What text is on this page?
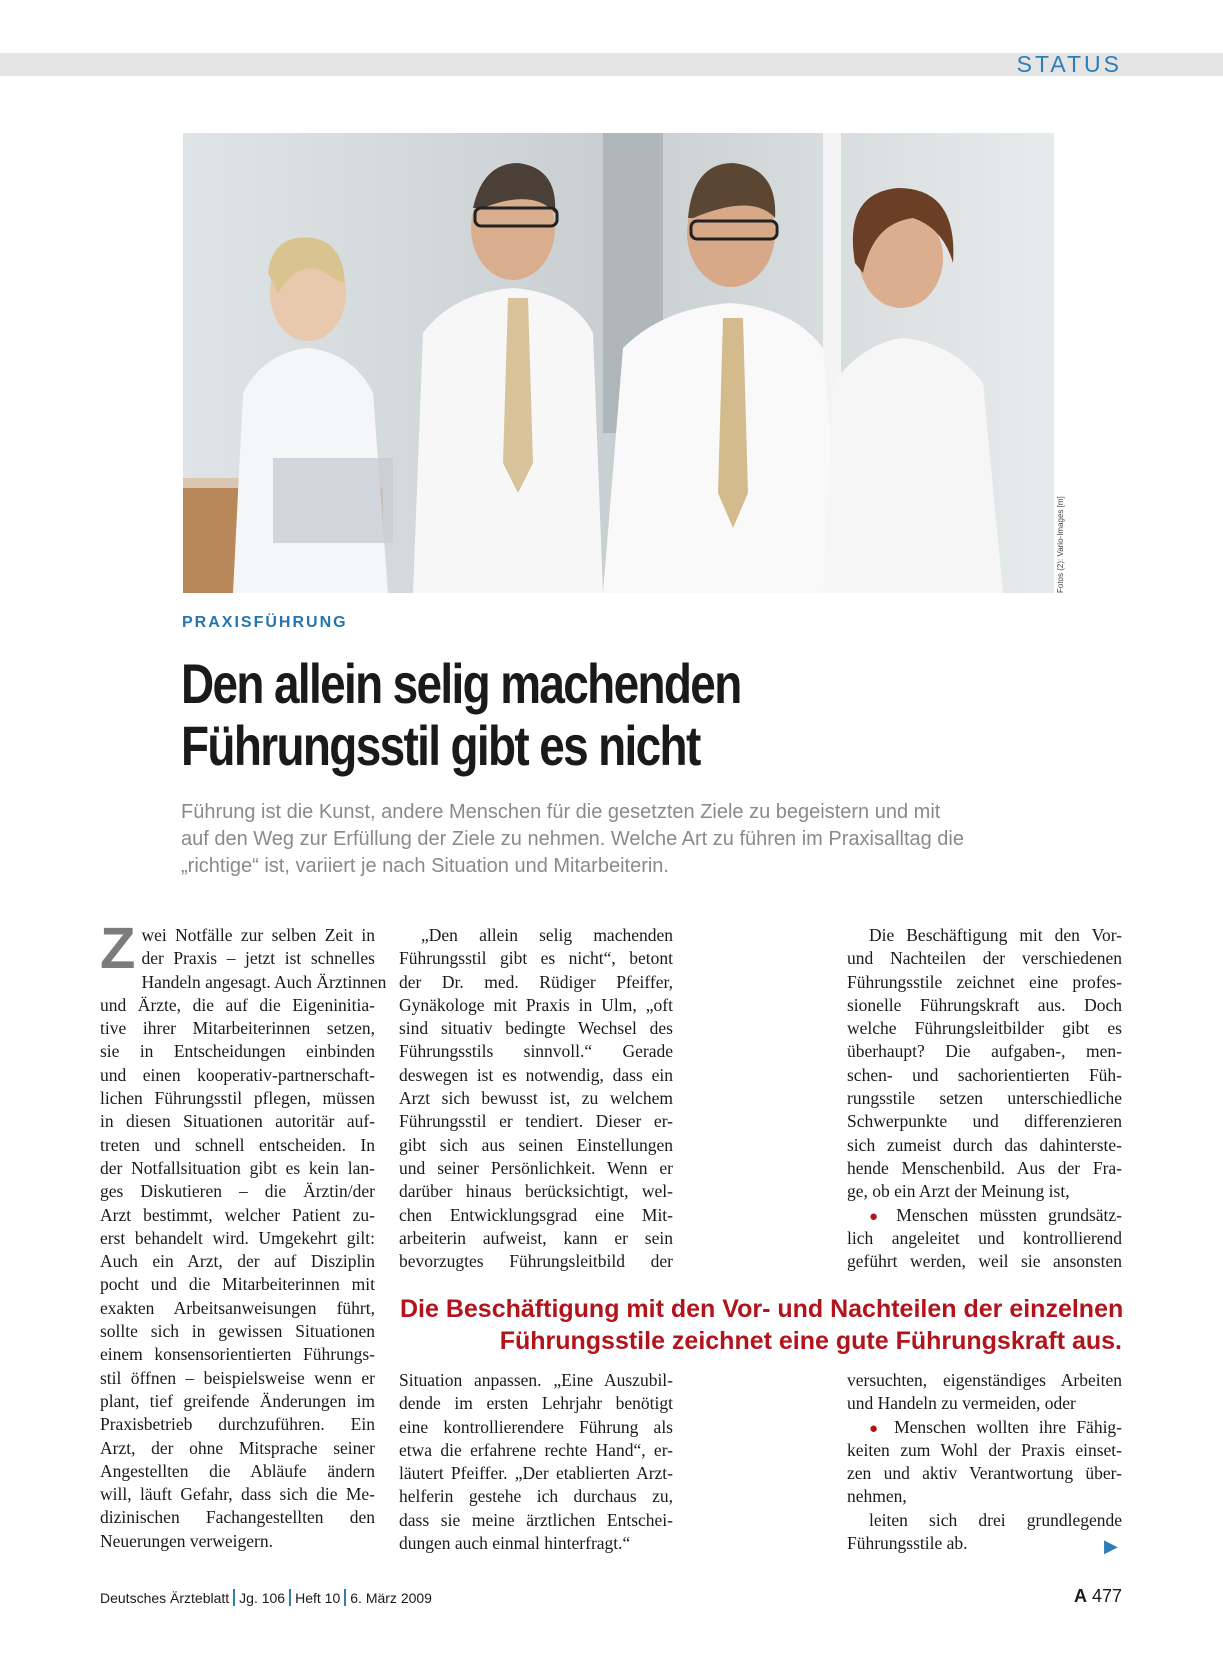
STATUS
Fotos (2): Vario-Images [m]
PRAXISFÜHRUNG
Den allein selig machenden
Führungsstil gibt es nicht
Führung ist die Kunst, andere Menschen für die gesetzten Ziele zu begeistern und mit
auf den Weg zur Erfüllung der Ziele zu nehmen. Welche Art zu führen im Praxisalltag die
„richtige“ ist, variiert je nach Situation und Mitarbeiterin.
Z wei Notfälle zur selben Zeit in
der Praxis – jetzt ist schnelles
Handeln angesagt. Auch Ärztinnen
und Ärzte, die auf die Eigeninitia-
tive ihrer Mitarbeiterinnen setzen,
sie in Entscheidungen einbinden
und einen kooperativ-partnerschaft-
lichen Führungsstil pflegen, müssen
in diesen Situationen autoritär auf-
treten und schnell entscheiden. In
der Notfallsituation gibt es kein lan-
ges Diskutieren – die Ärztin/der
Arzt bestimmt, welcher Patient zu-
erst behandelt wird. Umgekehrt gilt:
Auch ein Arzt, der auf Disziplin
pocht und die Mitarbeiterinnen mit
exakten Arbeitsanweisungen führt,
sollte sich in gewissen Situationen
einem konsensorientierten Führungs-
stil öffnen – beispielsweise wenn er
plant, tief greifende Änderungen im
Praxisbetrieb durchzuführen. Ein
Arzt, der ohne Mitsprache seiner
Angestellten die Abläufe ändern
will, läuft Gefahr, dass sich die Me-
dizinischen Fachangestellten den
Neuerungen verweigern.
„Den allein selig machenden
Führungsstil gibt es nicht“, betont
der Dr. med. Rüdiger Pfeiffer,
Gynäkologe mit Praxis in Ulm, „oft
sind situativ bedingte Wechsel des
Führungsstils sinnvoll.“ Gerade
deswegen ist es notwendig, dass ein
Arzt sich bewusst ist, zu welchem
Führungsstil er tendiert. Dieser er-
gibt sich aus seinen Einstellungen
und seiner Persönlichkeit. Wenn er
darüber hinaus berücksichtigt, wel-
chen Entwicklungsgrad eine Mit-
arbeiterin aufweist, kann er sein
bevorzugtes Führungsleitbild der
Die Beschäftigung mit den Vor-
und Nachteilen der verschiedenen
Führungsstile zeichnet eine profes-
sionelle Führungskraft aus. Doch
welche Führungsleitbilder gibt es
überhaupt? Die aufgaben-, men-
schen- und sachorientierten Füh-
rungsstile setzen unterschiedliche
Schwerpunkte und differenzieren
sich zumeist durch das dahinterste-
hende Menschenbild. Aus der Fra-
ge, ob ein Arzt der Meinung ist,
● Menschen müssten grundsätz-
lich angeleitet und kontrollierend
geführt werden, weil sie ansonsten
Die Beschäftigung mit den Vor- und Nachteilen der einzelnen
Führungsstile zeichnet eine gute Führungskraft aus.
Situation anpassen. „Eine Auszubil-
dende im ersten Lehrjahr benötigt
eine kontrollierendere Führung als
etwa die erfahrene rechte Hand“, er-
läutert Pfeiffer. „Der etablierten Arzt-
helferin gestehe ich durchaus zu,
dass sie meine ärztlichen Entschei-
dungen auch einmal hinterfragt.“
versuchten, eigenständiges Arbeiten
und Handeln zu vermeiden, oder
● Menschen wollten ihre Fähig-
keiten zum Wohl der Praxis einset-
zen und aktiv Verantwortung über-
nehmen,
leiten sich drei grundlegende
Führungsstile ab.	▶
Deutsches Ärzteblatt Jg. 106 Heft 10 6. März 2009	A 477
